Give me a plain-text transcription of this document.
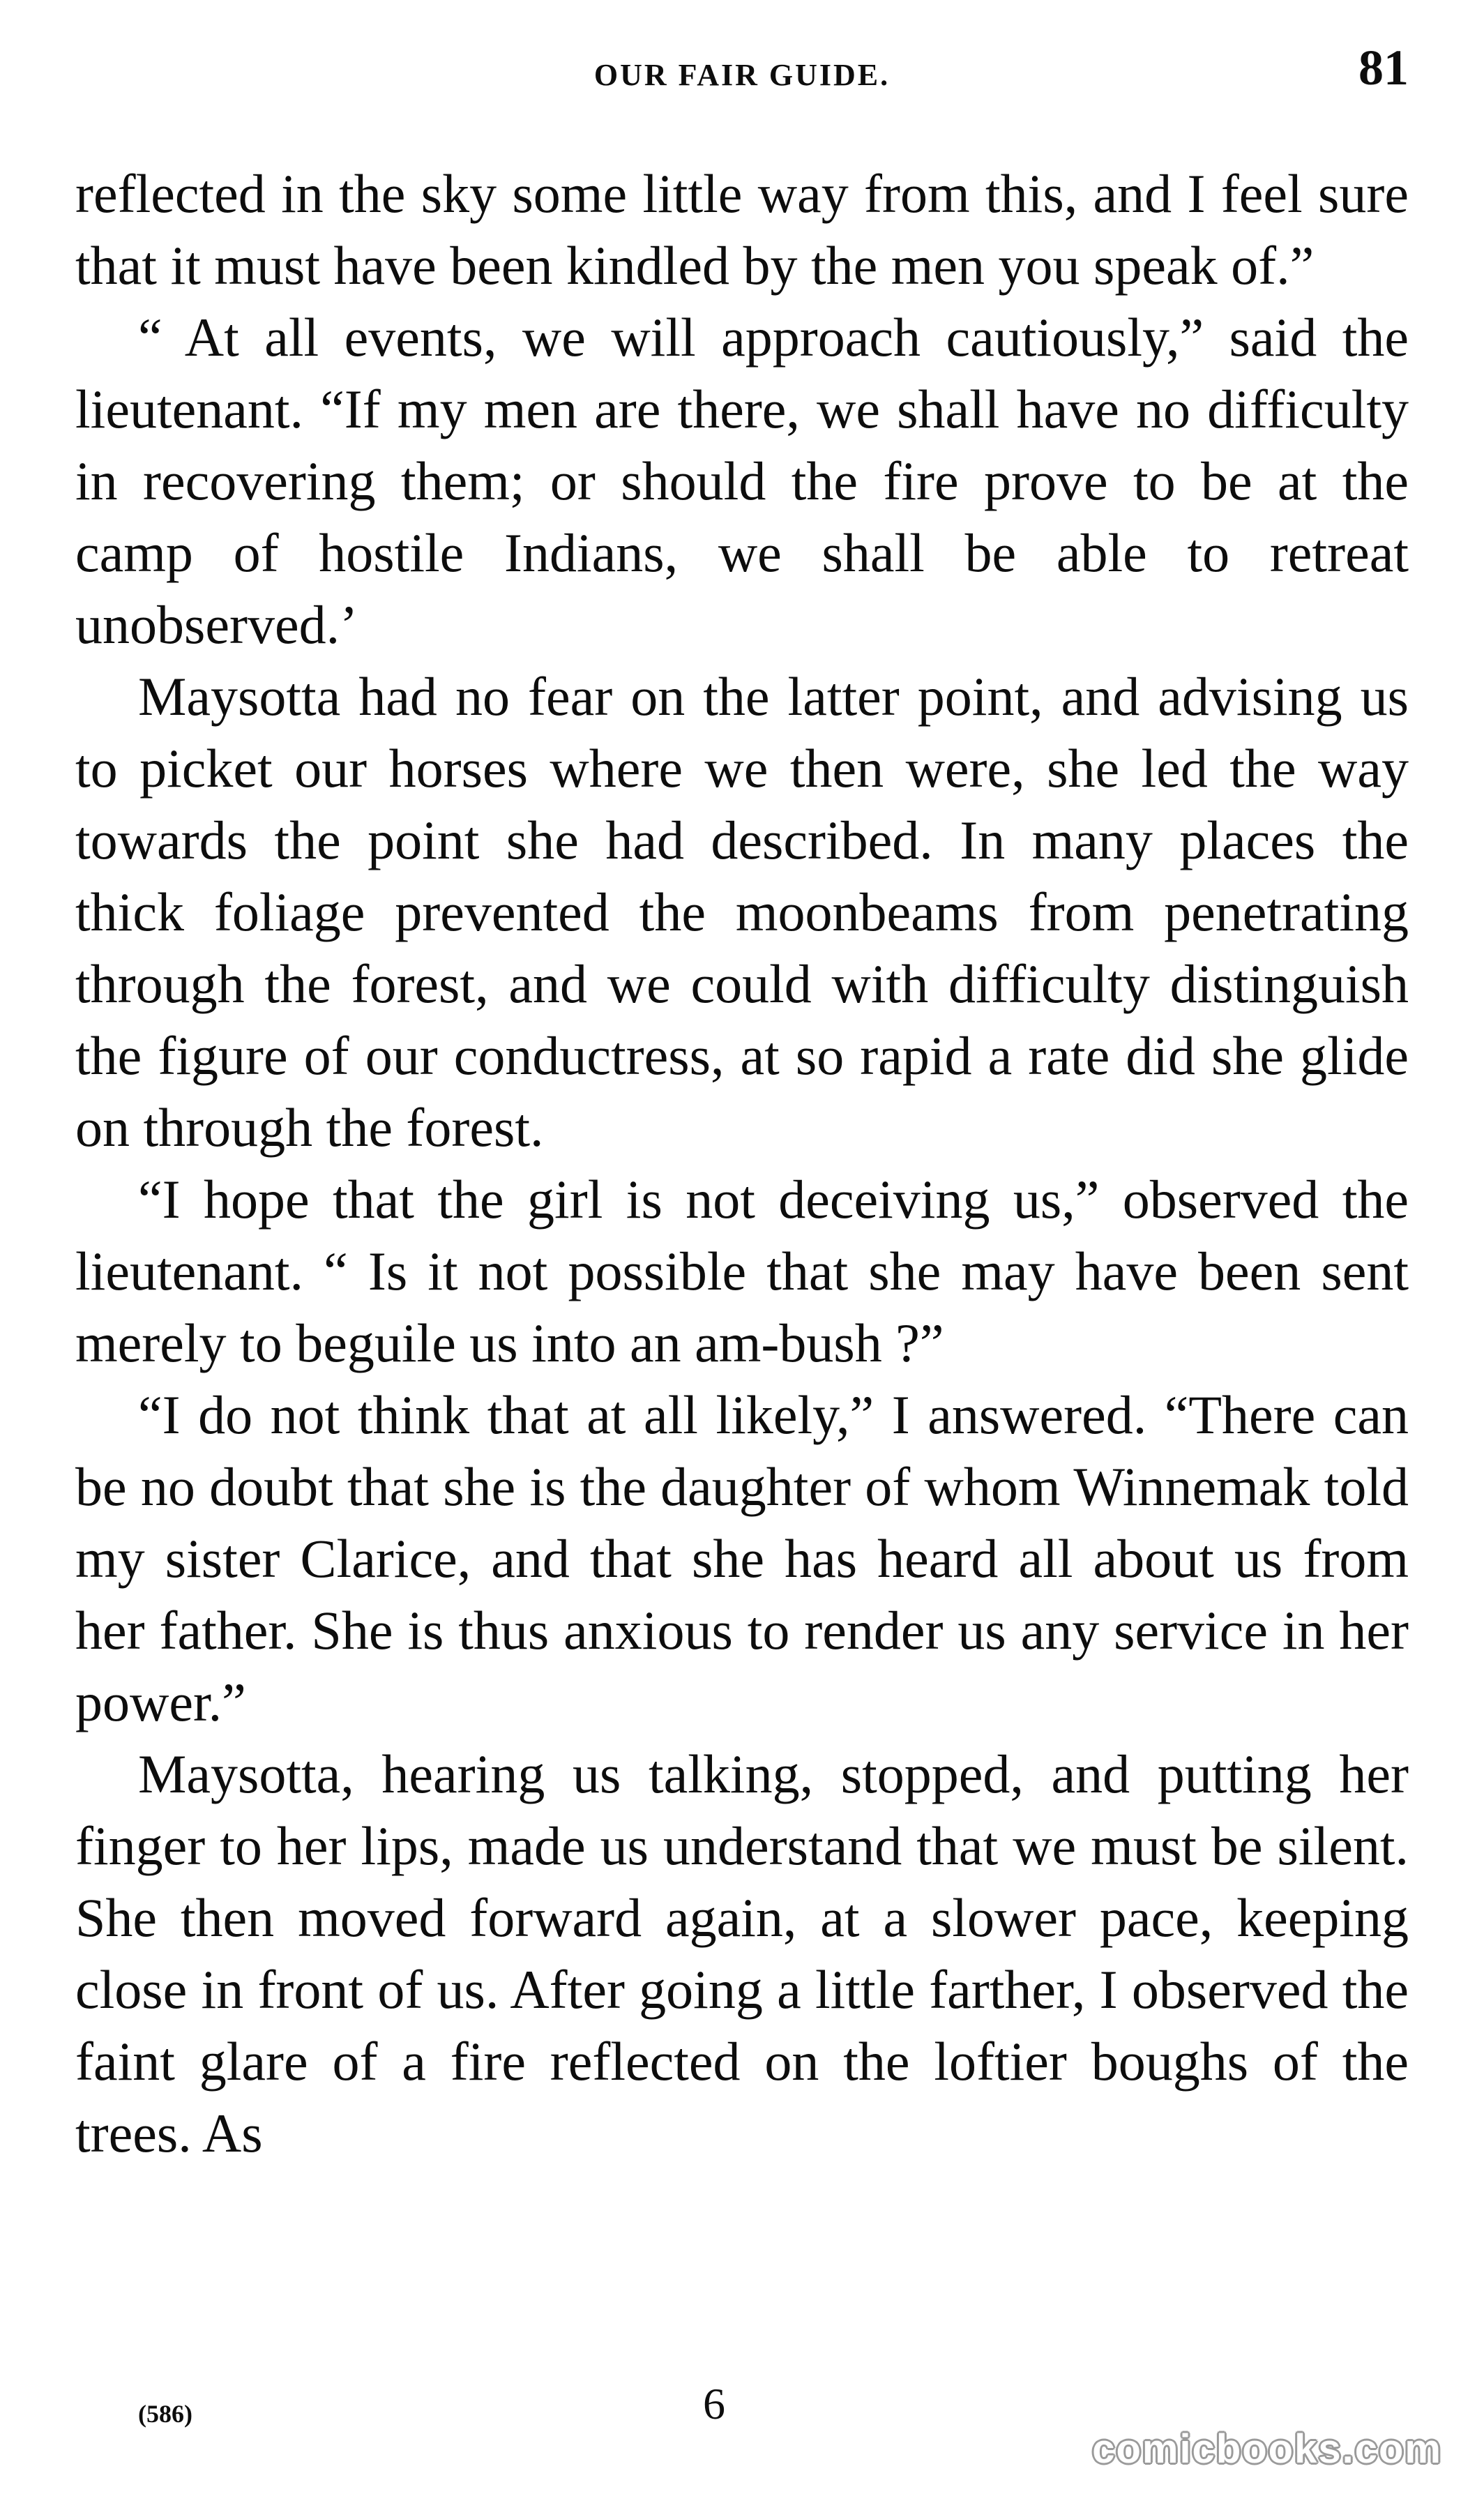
OUR FAIR GUIDE.	81

reflected in the sky some little way from this, and I feel sure that it must have been kindled by the men you speak of.”

“ At all events, we will approach cautiously,” said the lieutenant. “If my men are there, we shall have no difficulty in recovering them; or should the fire prove to be at the camp of hostile Indians, we shall be able to retreat unobserved.’

Maysotta had no fear on the latter point, and advising us to picket our horses where we then were, she led the way towards the point she had described. In many places the thick foliage prevented the moonbeams from penetrating through the forest, and we could with difficulty distinguish the figure of our conductress, at so rapid a rate did she glide on through the forest.

“I hope that the girl is not deceiving us,” observed the lieutenant. “ Is it not possible that she may have been sent merely to beguile us into an am-bush ?”

“I do not think that at all likely,” I answered. “There can be no doubt that she is the daughter of whom Winnemak told my sister Clarice, and that she has heard all about us from her father. She is thus anxious to render us any service in her power.”

Maysotta, hearing us talking, stopped, and putting her finger to her lips, made us understand that we must be silent. She then moved forward again, at a slower pace, keeping close in front of us. After going a little farther, I observed the faint glare of a fire reflected on the loftier boughs of the trees. As

(586)	6
comicbooks.com
